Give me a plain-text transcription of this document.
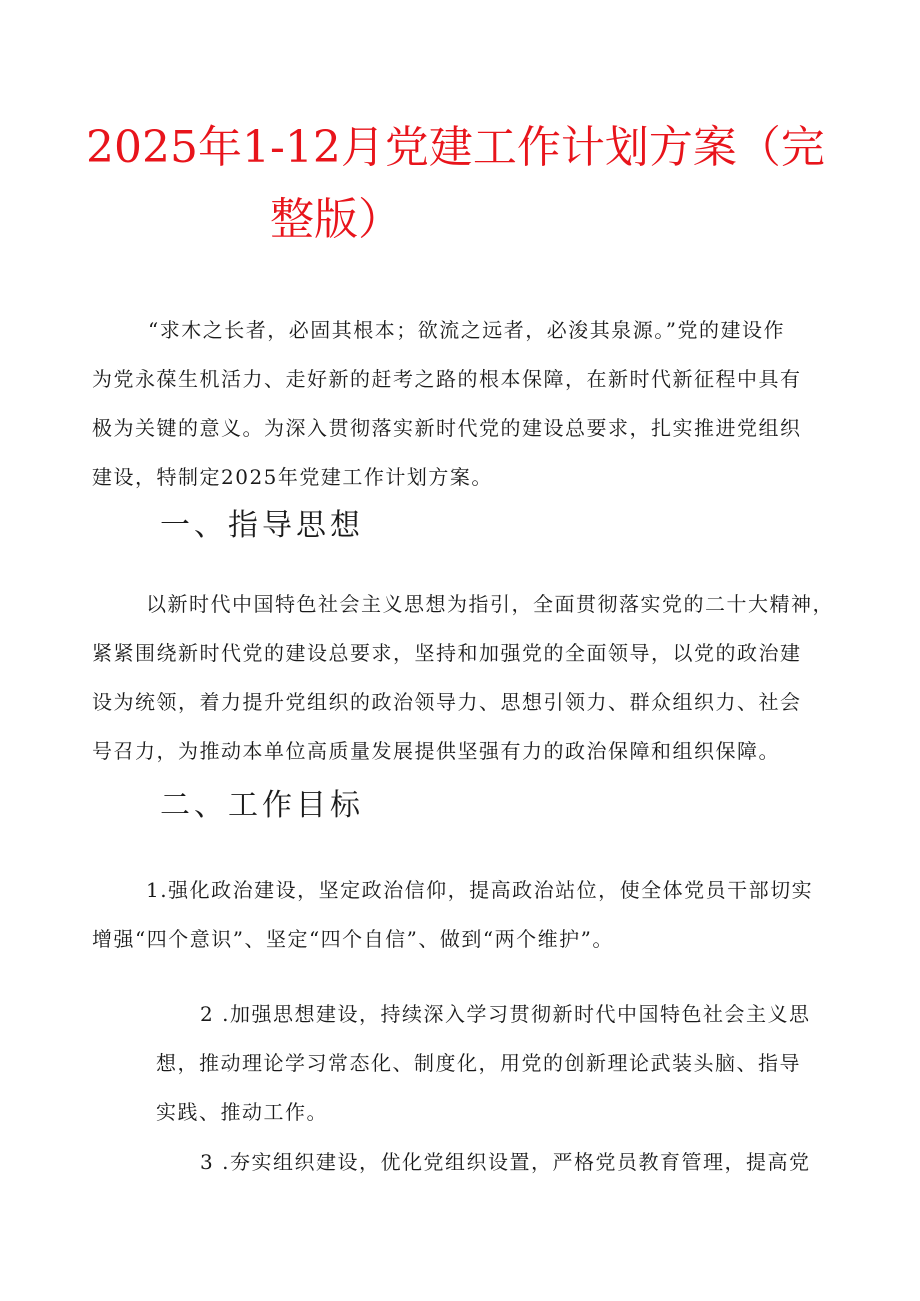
2025年1-12月党建工作计划方案（完
整版）

“求木之长者，必固其根本；欲流之远者，必浚其泉源。”党的建设作

为党永葆生机活力、走好新的赶考之路的根本保障，在新时代新征程中具有

极为关键的意义。为深入贯彻落实新时代党的建设总要求，扎实推进党组织

建设，特制定2025年党建工作计划方案。

一、指导思想

以新时代中国特色社会主义思想为指引，全面贯彻落实党的二十大精神，

紧紧围绕新时代党的建设总要求，坚持和加强党的全面领导，以党的政治建

设为统领，着力提升党组织的政治领导力、思想引领力、群众组织力、社会

号召力，为推动本单位高质量发展提供坚强有力的政治保障和组织保障。

二、工作目标

1.强化政治建设，坚定政治信仰，提高政治站位，使全体党员干部切实

增强“四个意识”、坚定“四个自信”、做到“两个维护”。

2 .加强思想建设，持续深入学习贯彻新时代中国特色社会主义思

想，推动理论学习常态化、制度化，用党的创新理论武装头脑、指导

实践、推动工作。

3 .夯实组织建设，优化党组织设置，严格党员教育管理，提高党
